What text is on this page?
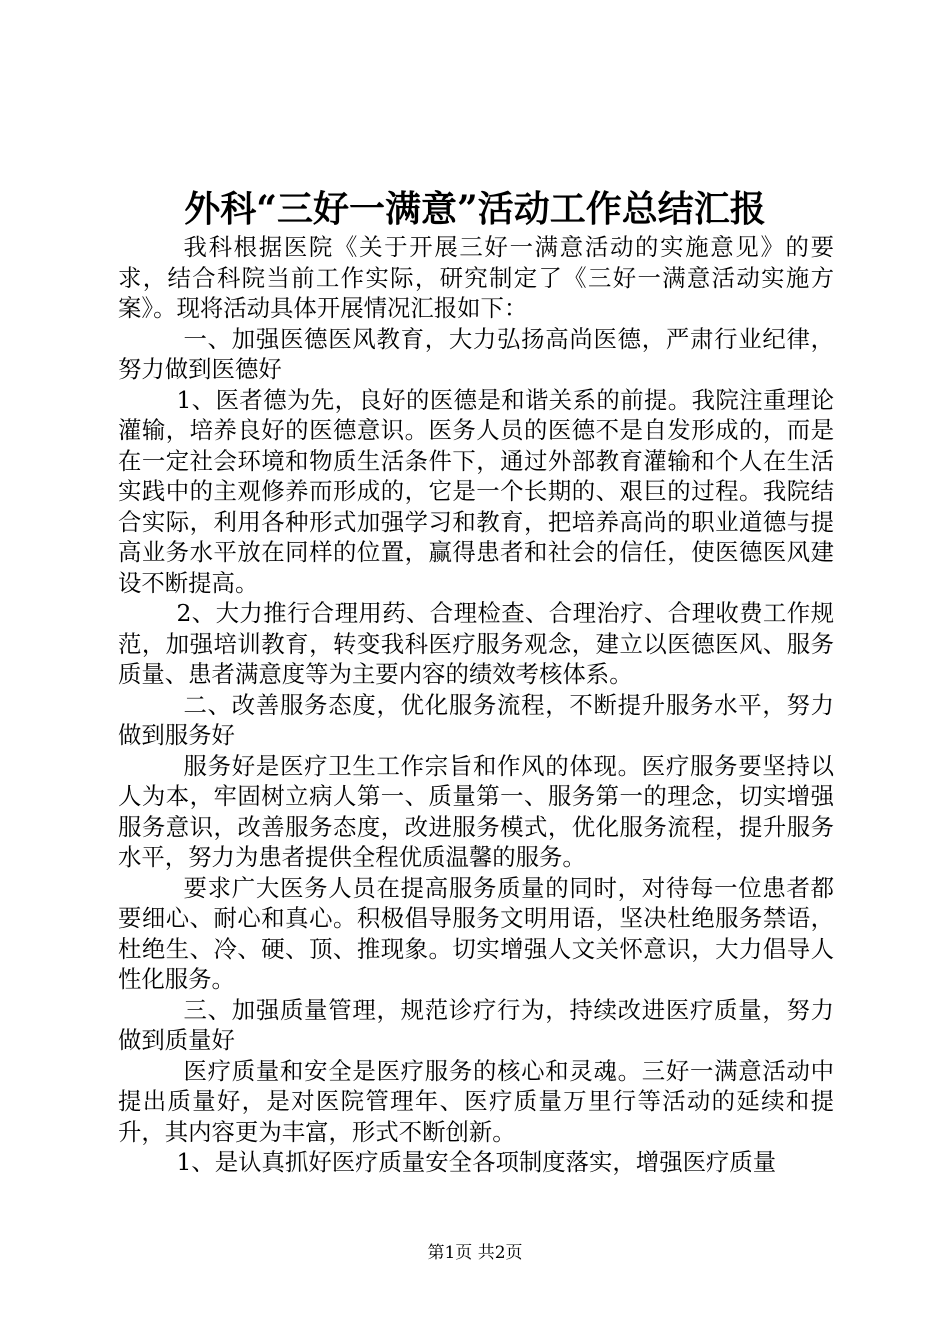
外科“三好一满意”活动工作总结汇报

我科根据医院《关于开展三好一满意活动的实施意见》的要求，结合科院当前工作实际，研究制定了《三好一满意活动实施方案》。现将活动具体开展情况汇报如下：

一、加强医德医风教育，大力弘扬高尚医德，严肃行业纪律，努力做到医德好

1、医者德为先，良好的医德是和谐关系的前提。我院注重理论灌输，培养良好的医德意识。医务人员的医德不是自发形成的，而是在一定社会环境和物质生活条件下，通过外部教育灌输和个人在生活实践中的主观修养而形成的，它是一个长期的、艰巨的过程。我院结合实际，利用各种形式加强学习和教育，把培养高尚的职业道德与提高业务水平放在同样的位置，赢得患者和社会的信任，使医德医风建设不断提高。

2、大力推行合理用药、合理检查、合理治疗、合理收费工作规范，加强培训教育，转变我科医疗服务观念，建立以医德医风、服务质量、患者满意度等为主要内容的绩效考核体系。

二、改善服务态度，优化服务流程，不断提升服务水平，努力做到服务好

服务好是医疗卫生工作宗旨和作风的体现。医疗服务要坚持以人为本，牢固树立病人第一、质量第一、服务第一的理念，切实增强服务意识，改善服务态度，改进服务模式，优化服务流程，提升服务水平，努力为患者提供全程优质温馨的服务。

要求广大医务人员在提高服务质量的同时，对待每一位患者都要细心、耐心和真心。积极倡导服务文明用语，坚决杜绝服务禁语，杜绝生、冷、硬、顶、推现象。切实增强人文关怀意识，大力倡导人性化服务。

三、加强质量管理，规范诊疗行为，持续改进医疗质量，努力做到质量好

医疗质量和安全是医疗服务的核心和灵魂。三好一满意活动中提出质量好，是对医院管理年、医疗质量万里行等活动的延续和提升，其内容更为丰富，形式不断创新。

1、是认真抓好医疗质量安全各项制度落实，增强医疗质量

第1页 共2页
